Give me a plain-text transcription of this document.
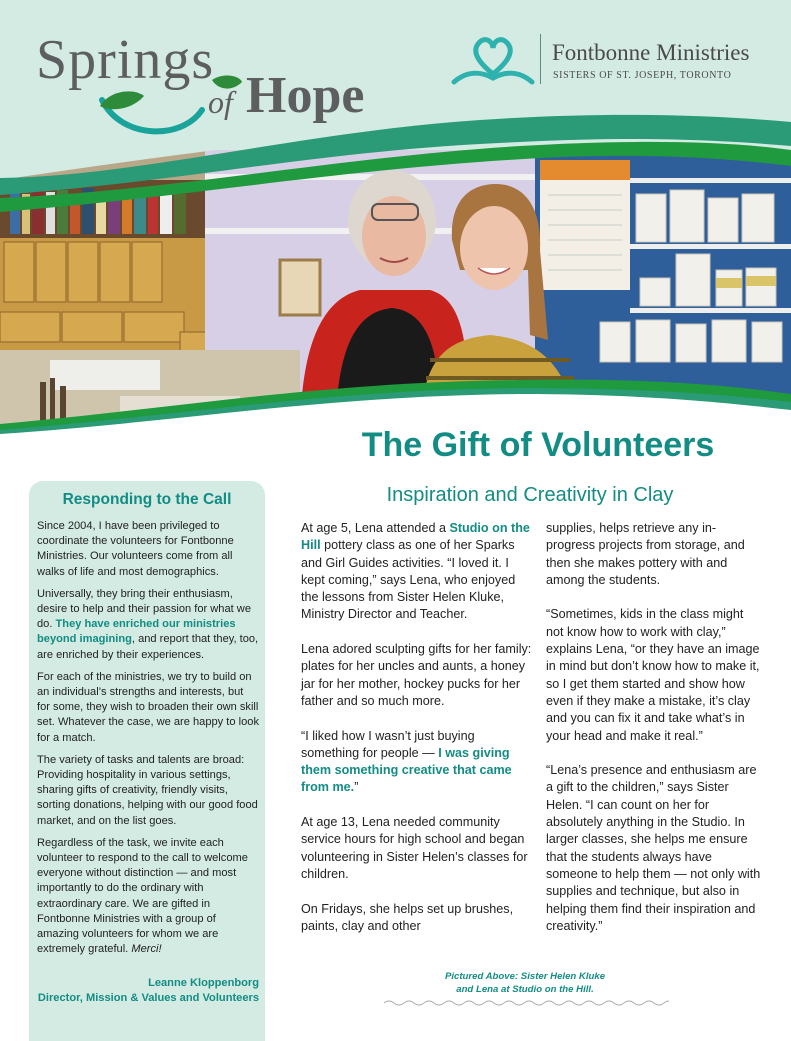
Springs
of Hope
Fontbonne Ministries
SISTERS OF ST. JOSEPH, TORONTO
The Gift of Volunteers
Inspiration and Creativity in Clay
Responding to the Call

Since 2004, I have been privileged to coordinate the volunteers for Fontbonne Ministries. Our volunteers come from all walks of life and most demographics.

Universally, they bring their enthusiasm, desire to help and their passion for what we do. They have enriched our ministries beyond imagining, and report that they, too, are enriched by their experiences.

For each of the ministries, we try to build on an individual’s strengths and interests, but for some, they wish to broaden their own skill set. Whatever the case, we are happy to look for a match.

The variety of tasks and talents are broad: Providing hospitality in various settings, sharing gifts of creativity, friendly visits, sorting donations, helping with our good food market, and on the list goes.

Regardless of the task, we invite each volunteer to respond to the call to welcome everyone without distinction — and most importantly to do the ordinary with extraordinary care. We are gifted in Fontbonne Ministries with a group of amazing volunteers for whom we are extremely grateful. Merci!

Leanne Kloppenborg
Director, Mission & Values and Volunteers

At age 5, Lena attended a Studio on the Hill pottery class as one of her Sparks and Girl Guides activities. “I loved it. I kept coming,” says Lena, who enjoyed the lessons from Sister Helen Kluke, Ministry Director and Teacher.

Lena adored sculpting gifts for her family: plates for her uncles and aunts, a honey jar for her mother, hockey pucks for her father and so much more.

“I liked how I wasn’t just buying something for people — I was giving them something creative that came from me.”

At age 13, Lena needed community service hours for high school and began volunteering in Sister Helen’s classes for children.

On Fridays, she helps set up brushes, paints, clay and other

supplies, helps retrieve any in-progress projects from storage, and then she makes pottery with and among the students.

“Sometimes, kids in the class might not know how to work with clay,” explains Lena, “or they have an image in mind but don’t know how to make it, so I get them started and show how even if they make a mistake, it’s clay and you can fix it and take what’s in your head and make it real.”

“Lena’s presence and enthusiasm are a gift to the children,” says Sister Helen. “I can count on her for absolutely anything in the Studio. In larger classes, she helps me ensure that the students always have someone to help them — not only with supplies and technique, but also in helping them find their inspiration and creativity.”

Pictured Above: Sister Helen Kluke
and Lena at Studio on the Hill.
